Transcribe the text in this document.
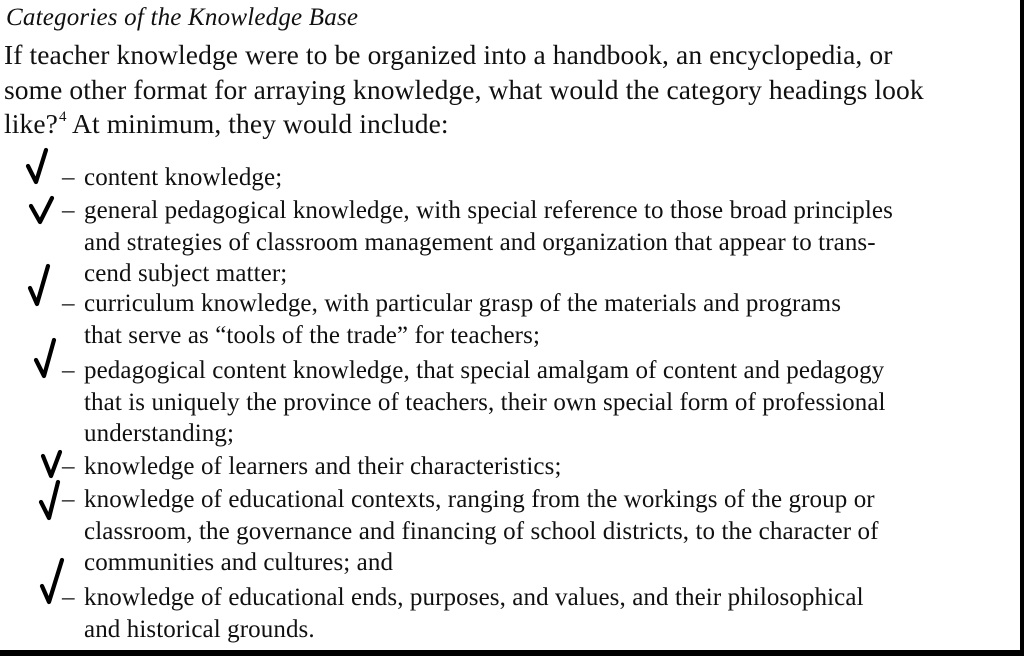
Categories of the Knowledge Base
If teacher knowledge were to be organized into a handbook, an encyclopedia, or
some other format for arraying knowledge, what would the category headings look
like?$^4$ At minimum, they would include:
– content knowledge;
– general pedagogical knowledge, with special reference to those broad principles
and strategies of classroom management and organization that appear to trans-
cend subject matter;
– curriculum knowledge, with particular grasp of the materials and programs
that serve as “tools of the trade” for teachers;
– pedagogical content knowledge, that special amalgam of content and pedagogy
that is uniquely the province of teachers, their own special form of professional
understanding;
– knowledge of learners and their characteristics;
– knowledge of educational contexts, ranging from the workings of the group or
classroom, the governance and financing of school districts, to the character of
communities and cultures; and
– knowledge of educational ends, purposes, and values, and their philosophical
and historical grounds.
